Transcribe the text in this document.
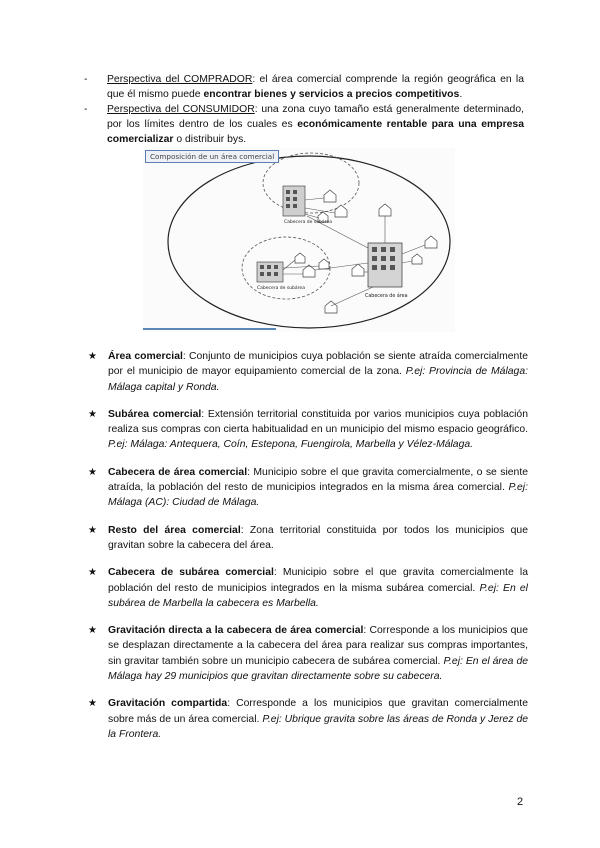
- Perspectiva del COMPRADOR: el área comercial comprende la región geográfica en la que él mismo puede encontrar bienes y servicios a precios competitivos.
- Perspectiva del CONSUMIDOR: una zona cuyo tamaño está generalmente determinado, por los límites dentro de los cuales es económicamente rentable para una empresa comercializar o distribuir bys.
Cabecera de subárea
Cabecera de subárea
Cabecera de área
Composición de un área comercial
★ Área comercial: Conjunto de municipios cuya población se siente atraída comercialmente por el municipio de mayor equipamiento comercial de la zona. P.ej: Provincia de Málaga: Málaga capital y Ronda.
★ Subárea comercial: Extensión territorial constituida por varios municipios cuya población realiza sus compras con cierta habitualidad en un municipio del mismo espacio geográfico. P.ej: Málaga: Antequera, Coín, Estepona, Fuengirola, Marbella y Vélez-Málaga.
★ Cabecera de área comercial: Municipio sobre el que gravita comercialmente, o se siente atraída, la población del resto de municipios integrados en la misma área comercial. P.ej: Málaga (AC): Ciudad de Málaga.
★ Resto del área comercial: Zona territorial constituida por todos los municipios que gravitan sobre la cabecera del área.
★ Cabecera de subárea comercial: Municipio sobre el que gravita comercialmente la población del resto de municipios integrados en la misma subárea comercial. P.ej: En el subárea de Marbella la cabecera es Marbella.
★ Gravitación directa a la cabecera de área comercial: Corresponde a los municipios que se desplazan directamente a la cabecera del área para realizar sus compras importantes, sin gravitar también sobre un municipio cabecera de subárea comercial. P.ej: En el área de Málaga hay 29 municipios que gravitan directamente sobre su cabecera.
★ Gravitación compartida: Corresponde a los municipios que gravitan comercialmente sobre más de un área comercial. P.ej: Ubrique gravita sobre las áreas de Ronda y Jerez de la Frontera.
2
